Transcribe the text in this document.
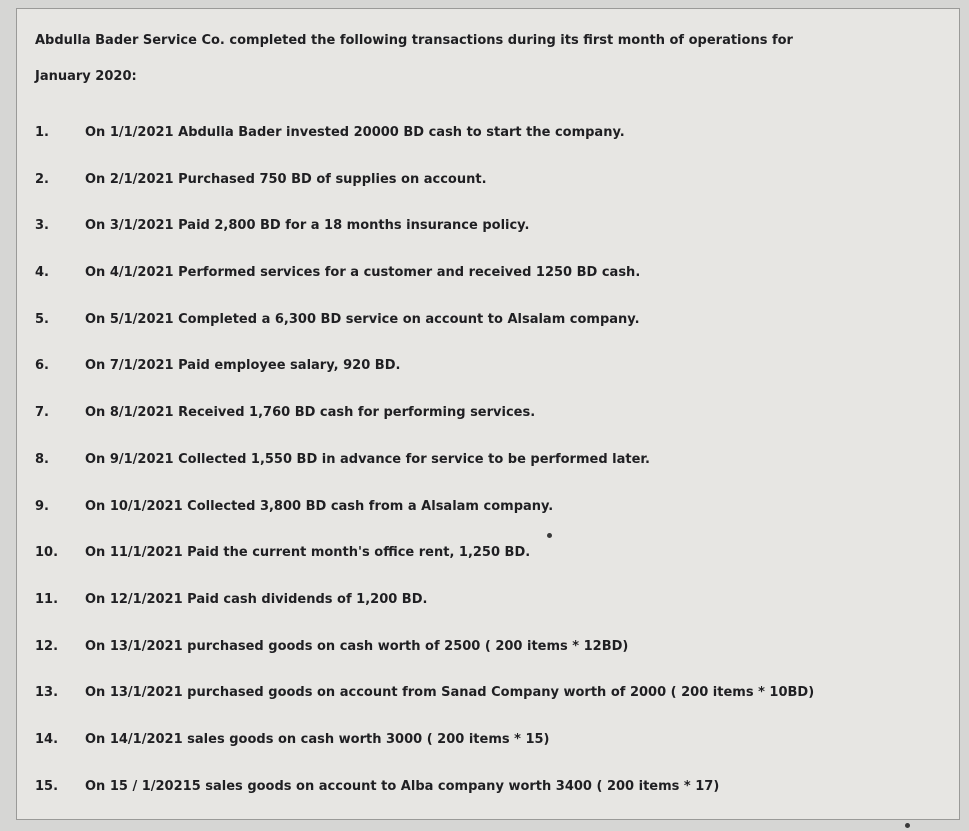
Abdulla Bader Service Co. completed the following transactions during its first month of operations for
January 2020:
1.	On 1/1/2021 Abdulla Bader invested 20000 BD cash to start the company.
2.	On 2/1/2021 Purchased 750 BD of supplies on account.
3.	On 3/1/2021 Paid 2,800 BD for a 18 months insurance policy.
4.	On 4/1/2021 Performed services for a customer and received 1250 BD cash.
5.	On 5/1/2021 Completed a 6,300 BD service on account to Alsalam company.
6.	On 7/1/2021 Paid employee salary, 920 BD.
7.	On 8/1/2021 Received 1,760 BD cash for performing services.
8.	On 9/1/2021 Collected 1,550 BD in advance for service to be performed later.
9.	On 10/1/2021 Collected 3,800 BD cash from a Alsalam company.
10.	On 11/1/2021 Paid the current month's office rent, 1,250 BD.
11.	On 12/1/2021 Paid cash dividends of 1,200 BD.
12.	On 13/1/2021 purchased goods on cash worth of 2500 ( 200 items * 12BD)
13.	On 13/1/2021 purchased goods on account from Sanad Company worth of 2000 ( 200 items * 10BD)
14.	On 14/1/2021 sales goods on cash worth 3000 ( 200 items * 15)
15.	On 15 / 1/20215 sales goods on account to Alba company worth 3400 ( 200 items * 17)
